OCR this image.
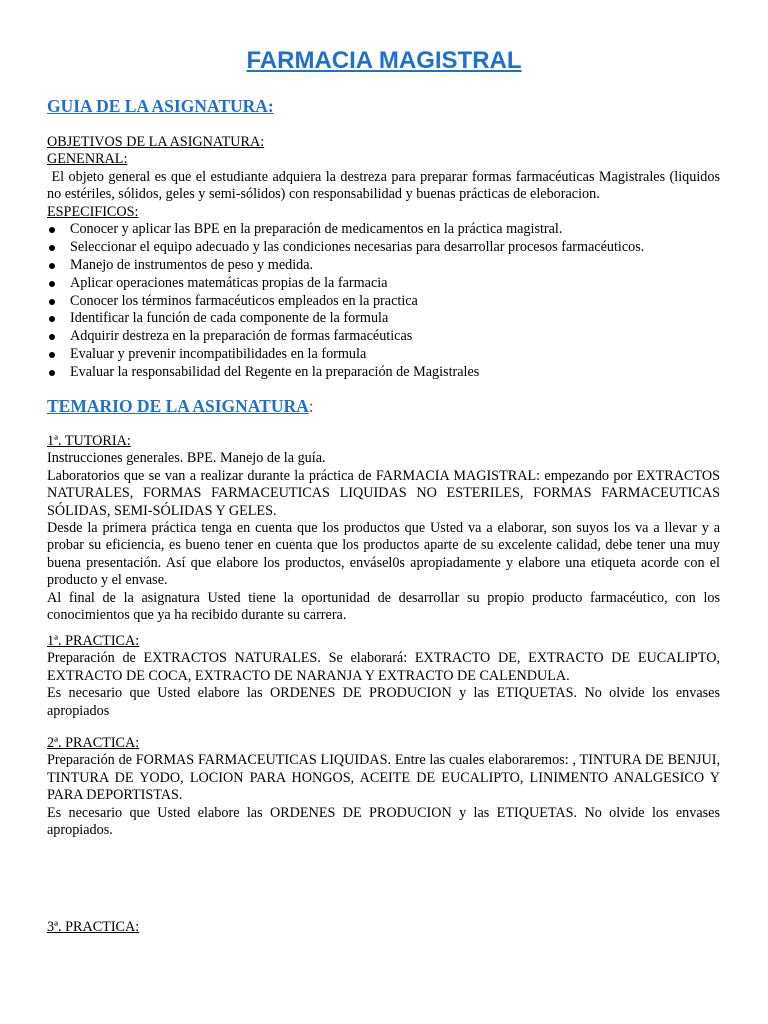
FARMACIA MAGISTRAL
GUIA DE LA ASIGNATURA:
OBJETIVOS DE LA ASIGNATURA:
GENENRAL:

El objeto general es que el estudiante adquiera la destreza para preparar formas farmacéuticas Magistrales (liquidos no estériles, sólidos, geles y semi-sólidos) con responsabilidad y buenas prácticas de eleboracion.

ESPECIFICOS:
Conocer y aplicar las BPE en la preparación de medicamentos en la práctica magistral.
Seleccionar el equipo adecuado y las condiciones necesarias para desarrollar procesos farmacéuticos.
Manejo de instrumentos de peso y medida.
Aplicar operaciones matemáticas propias de la farmacia
Conocer los términos farmacéuticos empleados en la practica
Identificar la función de cada componente de la formula
Adquirir destreza en la preparación de formas farmacéuticas
Evaluar y prevenir incompatibilidades en la formula
Evaluar la responsabilidad del Regente en la preparación de Magistrales
TEMARIO DE LA ASIGNATURA:
1ª. TUTORIA:
Instrucciones generales. BPE. Manejo de la guía.

Laboratorios que se van a realizar durante la práctica de FARMACIA MAGISTRAL: empezando por EXTRACTOS NATURALES, FORMAS FARMACEUTICAS LIQUIDAS NO ESTERILES, FORMAS FARMACEUTICAS SÓLIDAS, SEMI-SÓLIDAS Y GELES.

Desde la primera práctica tenga en cuenta que los productos que Usted va a elaborar, son suyos los va a llevar y a probar su eficiencia, es bueno tener en cuenta que los productos aparte de su excelente calidad, debe tener una muy buena presentación. Así que elabore los productos, envásel0s apropiadamente y elabore una etiqueta acorde con el producto y el envase.

Al final de la asignatura Usted tiene la oportunidad de desarrollar su propio producto farmacéutico, con los conocimientos que ya ha recibido durante su carrera.

1ª. PRACTICA:

Preparación de EXTRACTOS NATURALES. Se elaborará: EXTRACTO DE, EXTRACTO DE EUCALIPTO, EXTRACTO DE COCA, EXTRACTO DE NARANJA Y EXTRACTO DE CALENDULA.

Es necesario que Usted elabore las ORDENES DE PRODUCION y las ETIQUETAS. No olvide los envases apropiados

2ª. PRACTICA:

Preparación de FORMAS FARMACEUTICAS LIQUIDAS. Entre las cuales elaboraremos: , TINTURA DE BENJUI, TINTURA DE YODO, LOCION PARA HONGOS, ACEITE DE EUCALIPTO, LINIMENTO ANALGESICO Y PARA DEPORTISTAS.

Es necesario que Usted elabore las ORDENES DE PRODUCION y las ETIQUETAS. No olvide los envases apropiados.

3ª. PRACTICA:
